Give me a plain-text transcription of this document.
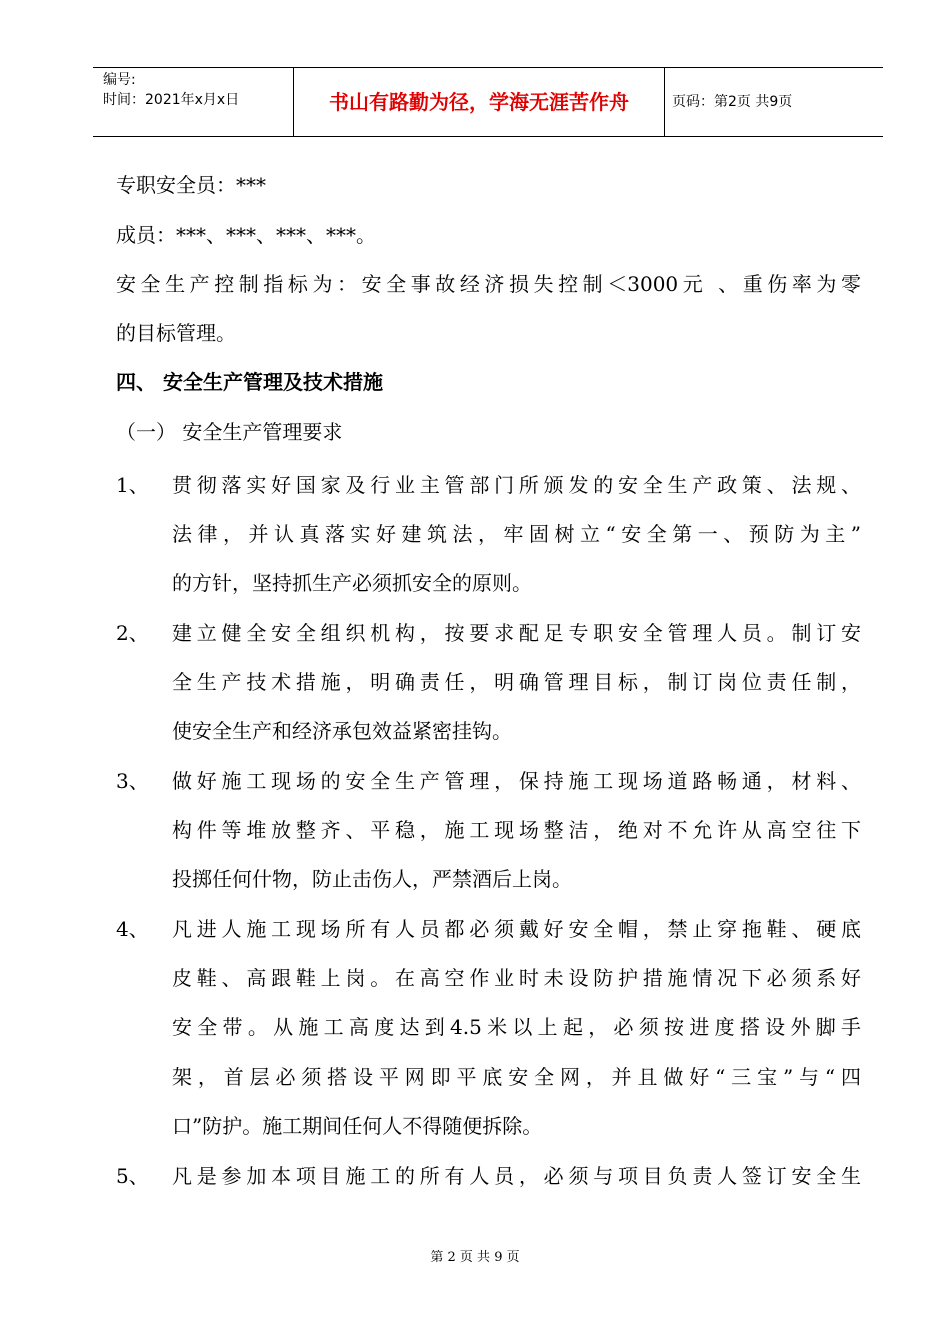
编号:
时间：2021年x月x日	书山有路勤为径，学海无涯苦作舟	页码：第2页 共9页
专职安全员：***
成员：***、***、***、***。
安全生产控制指标为：安全事故经济损失控制＜3000元 、重伤率为零
的目标管理。
四、 安全生产管理及技术措施
（一） 安全生产管理要求
1、 贯彻落实好国家及行业主管部门所颁发的安全生产政策、法规、
法律，并认真落实好建筑法，牢固树立“安全第一、预防为主”
的方针，坚持抓生产必须抓安全的原则。
2、 建立健全安全组织机构，按要求配足专职安全管理人员。制订安
全生产技术措施，明确责任，明确管理目标，制订岗位责任制，
使安全生产和经济承包效益紧密挂钩。
3、 做好施工现场的安全生产管理，保持施工现场道路畅通，材料、
构件等堆放整齐、平稳，施工现场整洁，绝对不允许从高空往下
投掷任何什物，防止击伤人，严禁酒后上岗。
4、 凡进人施工现场所有人员都必须戴好安全帽，禁止穿拖鞋、硬底
皮鞋、高跟鞋上岗。在高空作业时未设防护措施情况下必须系好
安全带。从施工高度达到4.5米以上起，必须按进度搭设外脚手
架，首层必须搭设平网即平底安全网，并且做好“三宝”与“四
口”防护。施工期间任何人不得随便拆除。
5、 凡是参加本项目施工的所有人员，必须与项目负责人签订安全生
第 2 页 共 9 页
